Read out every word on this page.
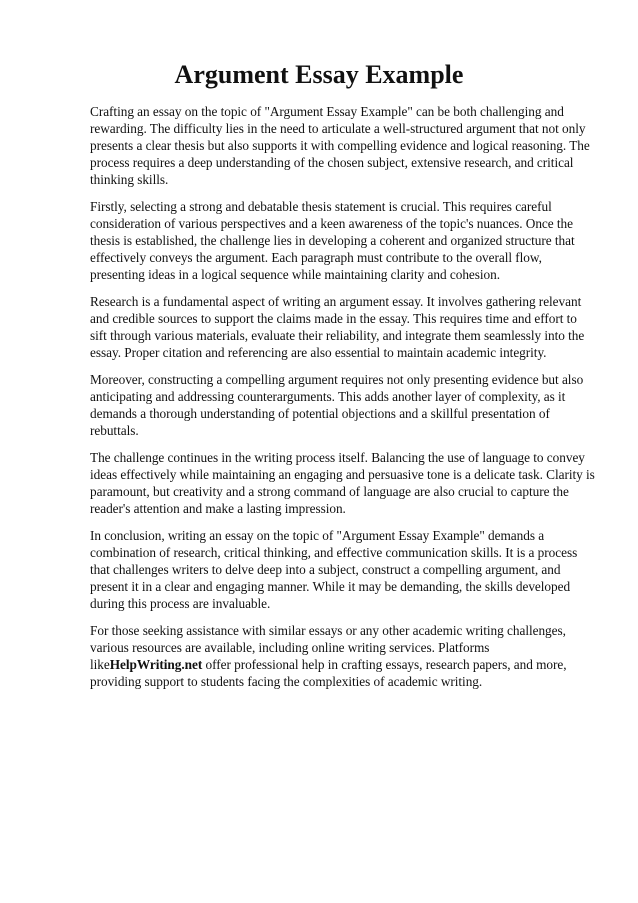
Argument Essay Example

Crafting an essay on the topic of "Argument Essay Example" can be both challenging and rewarding. The difficulty lies in the need to articulate a well-structured argument that not only presents a clear thesis but also supports it with compelling evidence and logical reasoning. The process requires a deep understanding of the chosen subject, extensive research, and critical thinking skills.

Firstly, selecting a strong and debatable thesis statement is crucial. This requires careful consideration of various perspectives and a keen awareness of the topic's nuances. Once the thesis is established, the challenge lies in developing a coherent and organized structure that effectively conveys the argument. Each paragraph must contribute to the overall flow, presenting ideas in a logical sequence while maintaining clarity and cohesion.

Research is a fundamental aspect of writing an argument essay. It involves gathering relevant and credible sources to support the claims made in the essay. This requires time and effort to sift through various materials, evaluate their reliability, and integrate them seamlessly into the essay. Proper citation and referencing are also essential to maintain academic integrity.

Moreover, constructing a compelling argument requires not only presenting evidence but also anticipating and addressing counterarguments. This adds another layer of complexity, as it demands a thorough understanding of potential objections and a skillful presentation of rebuttals.

The challenge continues in the writing process itself. Balancing the use of language to convey ideas effectively while maintaining an engaging and persuasive tone is a delicate task. Clarity is paramount, but creativity and a strong command of language are also crucial to capture the reader's attention and make a lasting impression.

In conclusion, writing an essay on the topic of "Argument Essay Example" demands a combination of research, critical thinking, and effective communication skills. It is a process that challenges writers to delve deep into a subject, construct a compelling argument, and present it in a clear and engaging manner. While it may be demanding, the skills developed during this process are invaluable.

For those seeking assistance with similar essays or any other academic writing challenges, various resources are available, including online writing services. Platforms likeHelpWriting.net offer professional help in crafting essays, research papers, and more, providing support to students facing the complexities of academic writing.
